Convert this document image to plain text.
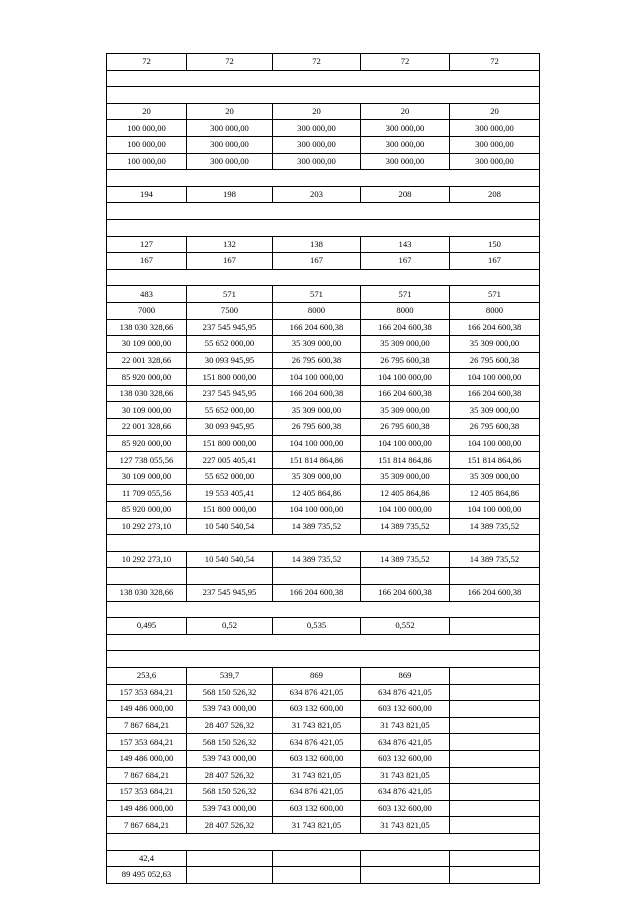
72	72	72	72	72

20	20	20	20	20
100 000,00	300 000,00	300 000,00	300 000,00	300 000,00
100 000,00	300 000,00	300 000,00	300 000,00	300 000,00
100 000,00	300 000,00	300 000,00	300 000,00	300 000,00

194	198	203	208	208

127	132	138	143	150
167	167	167	167	167

483	571	571	571	571
7000	7500	8000	8000	8000
138 030 328,66	237 545 945,95	166 204 600,38	166 204 600,38	166 204 600,38
30 109 000,00	55 652 000,00	35 309 000,00	35 309 000,00	35 309 000,00
22 001 328,66	30 093 945,95	26 795 600,38	26 795 600,38	26 795 600,38
85 920 000,00	151 800 000,00	104 100 000,00	104 100 000,00	104 100 000,00
138 030 328,66	237 545 945,95	166 204 600,38	166 204 600,38	166 204 600,38
30 109 000,00	55 652 000,00	35 309 000,00	35 309 000,00	35 309 000,00
22 001 328,66	30 093 945,95	26 795 600,38	26 795 600,38	26 795 600,38
85 920 000,00	151 800 000,00	104 100 000,00	104 100 000,00	104 100 000,00
127 738 055,56	227 005 405,41	151 814 864,86	151 814 864,86	151 814 864,86
30 109 000,00	55 652 000,00	35 309 000,00	35 309 000,00	35 309 000,00
11 709 055,56	19 553 405,41	12 405 864,86	12 405 864,86	12 405 864,86
85 920 000,00	151 800 000,00	104 100 000,00	104 100 000,00	104 100 000,00
10 292 273,10	10 540 540,54	14 389 735,52	14 389 735,52	14 389 735,52

10 292 273,10	10 540 540,54	14 389 735,52	14 389 735,52	14 389 735,52

138 030 328,66	237 545 945,95	166 204 600,38	166 204 600,38	166 204 600,38

0,495	0,52	0,535	0,552	

253,6	539,7	869	869	
157 353 684,21	568 150 526,32	634 876 421,05	634 876 421,05	
149 486 000,00	539 743 000,00	603 132 600,00	603 132 600,00	
7 867 684,21	28 407 526,32	31 743 821,05	31 743 821,05	
157 353 684,21	568 150 526,32	634 876 421,05	634 876 421,05	
149 486 000,00	539 743 000,00	603 132 600,00	603 132 600,00	
7 867 684,21	28 407 526,32	31 743 821,05	31 743 821,05	
157 353 684,21	568 150 526,32	634 876 421,05	634 876 421,05	
149 486 000,00	539 743 000,00	603 132 600,00	603 132 600,00	
7 867 684,21	28 407 526,32	31 743 821,05	31 743 821,05	

42,4				
89 495 052,63				
